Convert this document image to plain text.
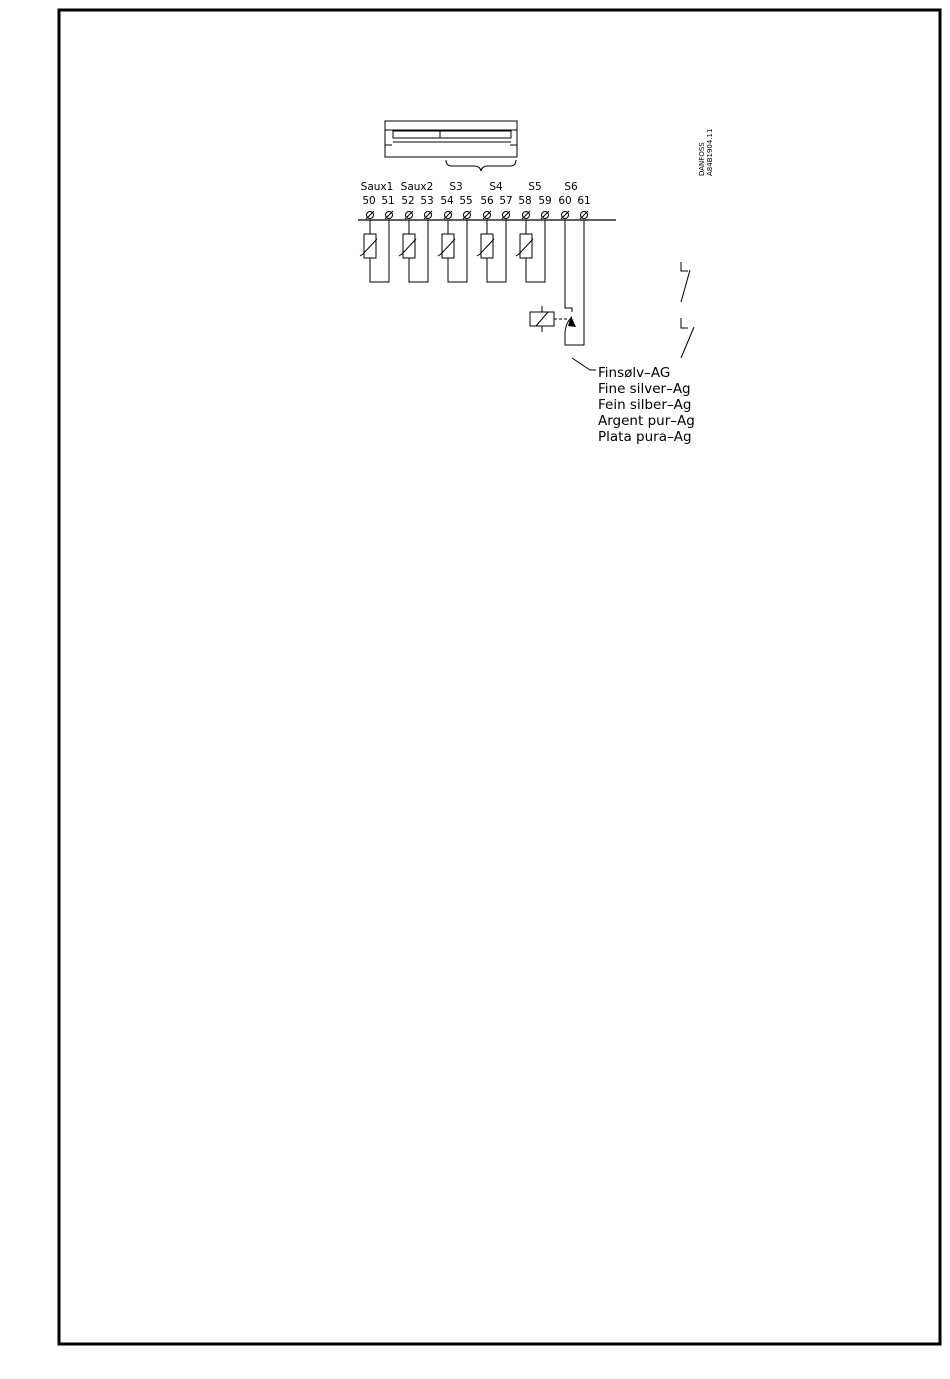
DANFOSS A84B1904.11
Saux1 Saux2 S3	S4 S5 S6
50 51 52 53 54 55 56 57 58 59 60 61
Finsølv–AG
Fine silver–Ag
Fein silber–Ag
Argent pur–Ag
Plata pura–Ag
